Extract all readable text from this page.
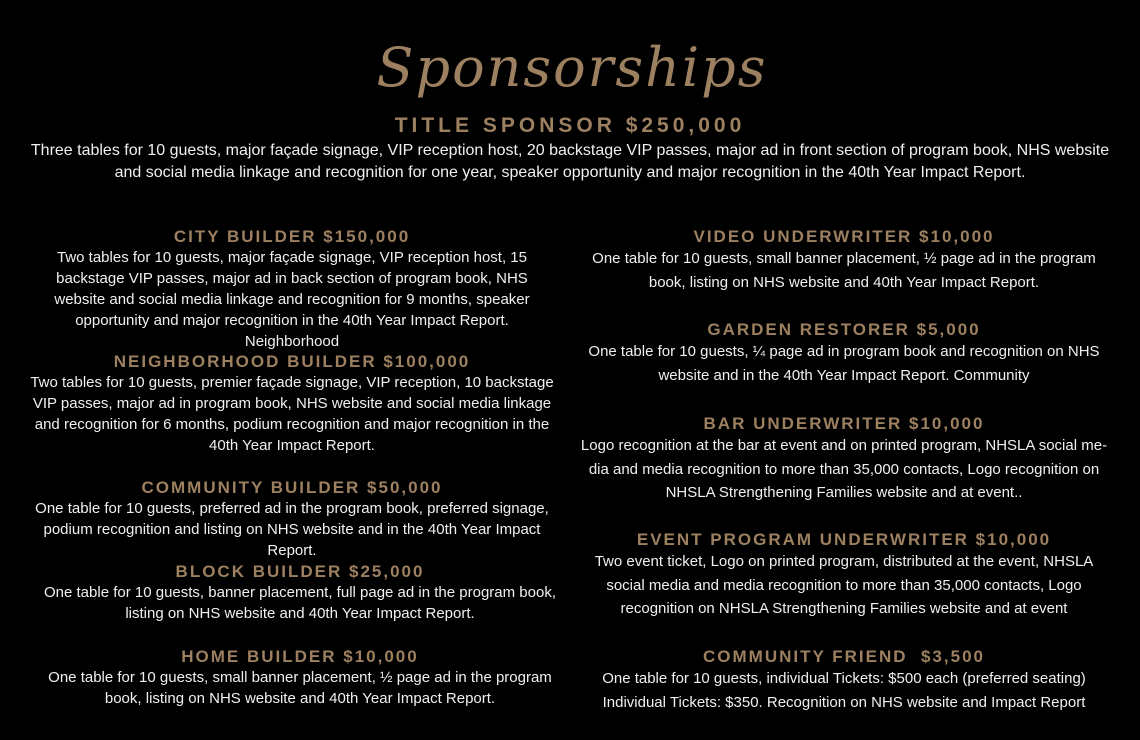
Sponsorships

TITLE SPONSOR $250,000

Three tables for 10 guests, major façade signage, VIP reception host, 20 backstage VIP passes, major ad in front section of program book, NHS website and social media linkage and recognition for one year, speaker opportunity and major recognition in the 40th Year Impact Report.

CITY BUILDER $150,000

Two tables for 10 guests, major façade signage, VIP reception host, 15 backstage VIP passes, major ad in back section of program book, NHS website and social media linkage and recognition for 9 months, speaker opportunity and major recognition in the 40th Year Impact Report. Neighborhood

NEIGHBORHOOD BUILDER $100,000

Two tables for 10 guests, premier façade signage, VIP reception, 10 backstage VIP passes, major ad in program book, NHS website and social media linkage and recognition for 6 months, podium recognition and major recognition in the 40th Year Impact Report.

COMMUNITY BUILDER $50,000

One table for 10 guests, preferred ad in the program book, preferred signage, podium recognition and listing on NHS website and in the 40th Year Impact Report.

BLOCK BUILDER $25,000

One table for 10 guests, banner placement, full page ad in the program book, listing on NHS website and 40th Year Impact Report.

HOME BUILDER $10,000

One table for 10 guests, small banner placement, ½ page ad in the program book, listing on NHS website and 40th Year Impact Report.

VIDEO UNDERWRITER $10,000

One table for 10 guests, small banner placement, ½ page ad in the program book, listing on NHS website and 40th Year Impact Report.

GARDEN RESTORER $5,000

One table for 10 guests, ¼ page ad in program book and recognition on NHS website and in the 40th Year Impact Report. Community

BAR UNDERWRITER $10,000

Logo recognition at the bar at event and on printed program, NHSLA social me-dia and media recognition to more than 35,000 contacts, Logo recognition on NHSLA Strengthening Families website and at event..

EVENT PROGRAM UNDERWRITER $10,000

Two event ticket, Logo on printed program, distributed at the event, NHSLA social media and media recognition to more than 35,000 contacts, Logo recognition on NHSLA Strengthening Families website and at event

COMMUNITY FRIEND  $3,500

One table for 10 guests, individual Tickets: $500 each (preferred seating) Individual Tickets: $350. Recognition on NHS website and Impact Report
